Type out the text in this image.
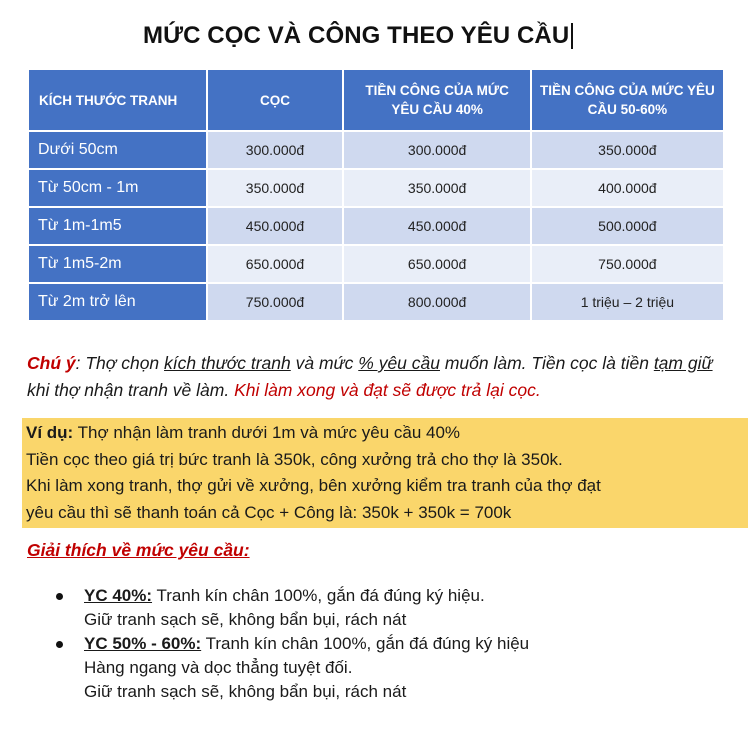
MỨC CỌC VÀ CÔNG THEO YÊU CẦU
KÍCH THƯỚC TRANH	CỌC	TIỀN CÔNG CỦA MỨC YÊU CẦU 40%	TIỀN CÔNG CỦA MỨC YÊU CẦU 50-60%
Dưới 50cm	300.000đ	300.000đ	350.000đ
Từ 50cm - 1m	350.000đ	350.000đ	400.000đ
Từ 1m-1m5	450.000đ	450.000đ	500.000đ
Từ 1m5-2m	650.000đ	650.000đ	750.000đ
Từ 2m trở lên	750.000đ	800.000đ	1 triệu – 2 triệu

Chú ý: Thợ chọn kích thước tranh và mức % yêu cầu muốn làm. Tiền cọc là tiền tạm giữ khi thợ nhận tranh về làm. Khi làm xong và đạt sẽ được trả lại cọc.

Ví dụ: Thợ nhận làm tranh dưới 1m và mức yêu cầu 40%
Tiền cọc theo giá trị bức tranh là 350k, công xưởng trả cho thợ là 350k.
Khi làm xong tranh, thợ gửi về xưởng, bên xưởng kiểm tra tranh của thợ đạt
yêu cầu thì sẽ thanh toán cả Cọc + Công là: 350k + 350k = 700k
Giải thích về mức yêu cầu:
YC 40%: Tranh kín chân 100%, gắn đá đúng ký hiệu.
Giữ tranh sạch sẽ, không bẩn bụi, rách nát
YC 50% - 60%: Tranh kín chân 100%, gắn đá đúng ký hiệu
Hàng ngang và dọc thẳng tuyệt đối.
Giữ tranh sạch sẽ, không bẩn bụi, rách nát
